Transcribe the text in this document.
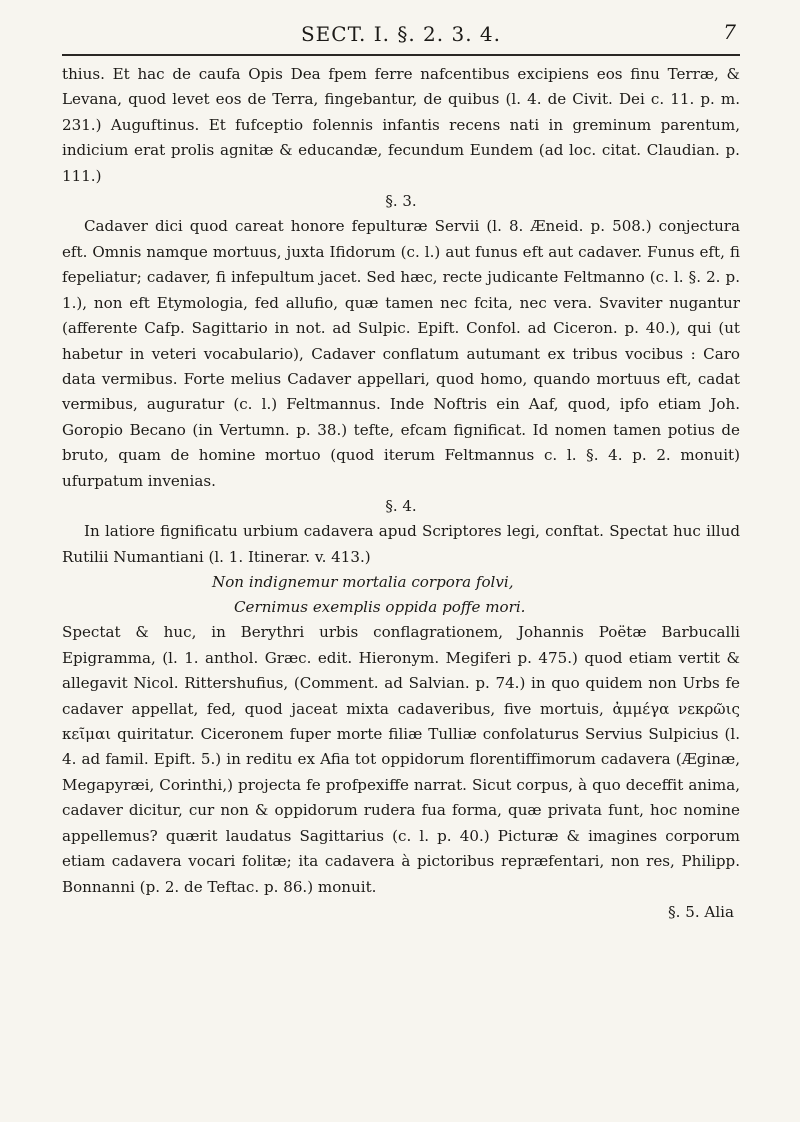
SECT. I. §. 2. 3. 4.	7

thius. Et hac de caufa Opis Dea fpem ferre nafcentibus excipiens eos finu Terræ, & Levana, quod levet eos de Terra, fingebantur, de quibus (l. 4. de Civit. Dei c. 11. p. m. 231.) Auguftinus. Et fufceptio folennis infantis recens nati in greminum parentum, indicium erat prolis agnitæ & educandæ, fecundum Eundem (ad loc. citat. Claudian. p. 111.)

§. 3.

Cadaver dici quod careat honore fepulturæ Servii (l. 8. Æneid. p. 508.) conjectura eft. Omnis namque mortuus, juxta Ifidorum (c. l.) aut funus eft aut cadaver. Funus eft, fi fepeliatur; cadaver, fi infepultum jacet. Sed hæc, recte judicante Feltmanno (c. l. §. 2. p. 1.), non eft Etymologia, fed allufio, quæ tamen nec fcita, nec vera. Svaviter nugantur (afferente Cafp. Sagittario in not. ad Sulpic. Epift. Confol. ad Ciceron. p. 40.), qui (ut habetur in veteri vocabulario), Cadaver conflatum autumant ex tribus vocibus : Caro data vermibus. Forte melius Cadaver appellari, quod homo, quando mortuus eft, cadat vermibus, auguratur (c. l.) Feltmannus. Inde Noftris ein Aaf, quod, ipfo etiam Joh. Goropio Becano (in Vertumn. p. 38.) tefte, efcam fignificat. Id nomen tamen potius de bruto, quam de homine mortuo (quod iterum Feltmannus c. l. §. 4. p. 2. monuit) ufurpatum invenias.

§. 4.

In latiore fignificatu urbium cadavera apud Scriptores legi, conftat. Spectat huc illud Rutilii Numantiani (l. 1. Itinerar. v. 413.)

Non indignemur mortalia corpora folvi,

Cernimus exemplis oppida poffe mori.

Spectat & huc, in Berythri urbis conflagrationem, Johannis Poëtæ Barbucalli Epigramma, (l. 1. anthol. Græc. edit. Hieronym. Megiferi p. 475.) quod etiam vertit & allegavit Nicol. Rittershufius, (Comment. ad Salvian. p. 74.) in quo quidem non Urbs fe cadaver appellat, fed, quod jaceat mixta cadaveribus, five mortuis, ἀμμέγα νεκρῶις κεῖμαι quiritatur. Ciceronem fuper morte filiæ Tulliæ confolaturus Servius Sulpicius (l. 4. ad famil. Epift. 5.) in reditu ex Afia tot oppidorum florentiffimorum cadavera (Æginæ, Megapyræi, Corinthi,) projecta fe profpexiffe narrat. Sicut corpus, à quo deceffit anima, cadaver dicitur, cur non & oppidorum rudera fua forma, quæ privata funt, hoc nomine appellemus? quærit laudatus Sagittarius (c. l. p. 40.) Picturæ & imagines corporum etiam cadavera vocari folitæ; ita cadavera à pictoribus repræfentari, non res, Philipp. Bonnanni (p. 2. de Teftac. p. 86.) monuit.

§. 5. Alia
